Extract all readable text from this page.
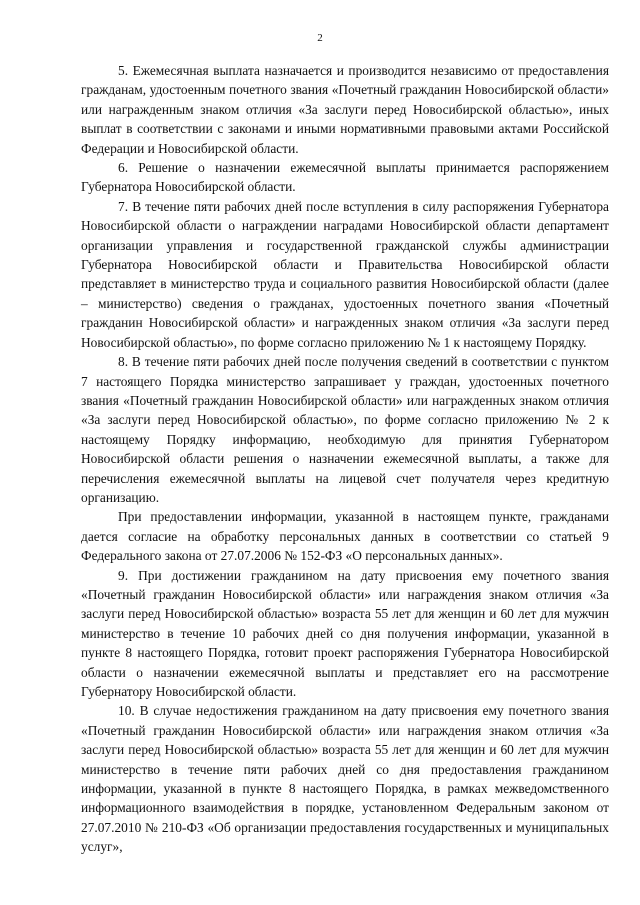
2

5. Ежемесячная выплата назначается и производится независимо от предоставления гражданам, удостоенным почетного звания «Почетный гражданин Новосибирской области» или награжденным знаком отличия «За заслуги перед Новосибирской областью», иных выплат в соответствии с законами и иными нормативными правовыми актами Российской Федерации и Новосибирской области.

6. Решение о назначении ежемесячной выплаты принимается распоряжением Губернатора Новосибирской области.

7. В течение пяти рабочих дней после вступления в силу распоряжения Губернатора Новосибирской области о награждении наградами Новосибирской области департамент организации управления и государственной гражданской службы администрации Губернатора Новосибирской области и Правительства Новосибирской области представляет в министерство труда и социального развития Новосибирской области (далее – министерство) сведения о гражданах, удостоенных почетного звания «Почетный гражданин Новосибирской области» и награжденных знаком отличия «За заслуги перед Новосибирской областью», по форме согласно приложению № 1 к настоящему Порядку.

8. В течение пяти рабочих дней после получения сведений в соответствии с пунктом 7 настоящего Порядка министерство запрашивает у граждан, удостоенных почетного звания «Почетный гражданин Новосибирской области» или награжденных знаком отличия «За заслуги перед Новосибирской областью», по форме согласно приложению № 2 к настоящему Порядку информацию, необходимую для принятия Губернатором Новосибирской области решения о назначении ежемесячной выплаты, а также для перечисления ежемесячной выплаты на лицевой счет получателя через кредитную организацию.

При предоставлении информации, указанной в настоящем пункте, гражданами дается согласие на обработку персональных данных в соответствии со статьей 9 Федерального закона от 27.07.2006 № 152-ФЗ «О персональных данных».

9. При достижении гражданином на дату присвоения ему почетного звания «Почетный гражданин Новосибирской области» или награждения знаком отличия «За заслуги перед Новосибирской областью» возраста 55 лет для женщин и 60 лет для мужчин министерство в течение 10 рабочих дней со дня получения информации, указанной в пункте 8 настоящего Порядка, готовит проект распоряжения Губернатора Новосибирской области о назначении ежемесячной выплаты и представляет его на рассмотрение Губернатору Новосибирской области.

10. В случае недостижения гражданином на дату присвоения ему почетного звания «Почетный гражданин Новосибирской области» или награждения знаком отличия «За заслуги перед Новосибирской областью» возраста 55 лет для женщин и 60 лет для мужчин министерство в течение пяти рабочих дней со дня предоставления гражданином информации, указанной в пункте 8 настоящего Порядка, в рамках межведомственного информационного взаимодействия в порядке, установленном Федеральным законом от 27.07.2010 № 210-ФЗ «Об организации предоставления государственных и муниципальных услуг»,
